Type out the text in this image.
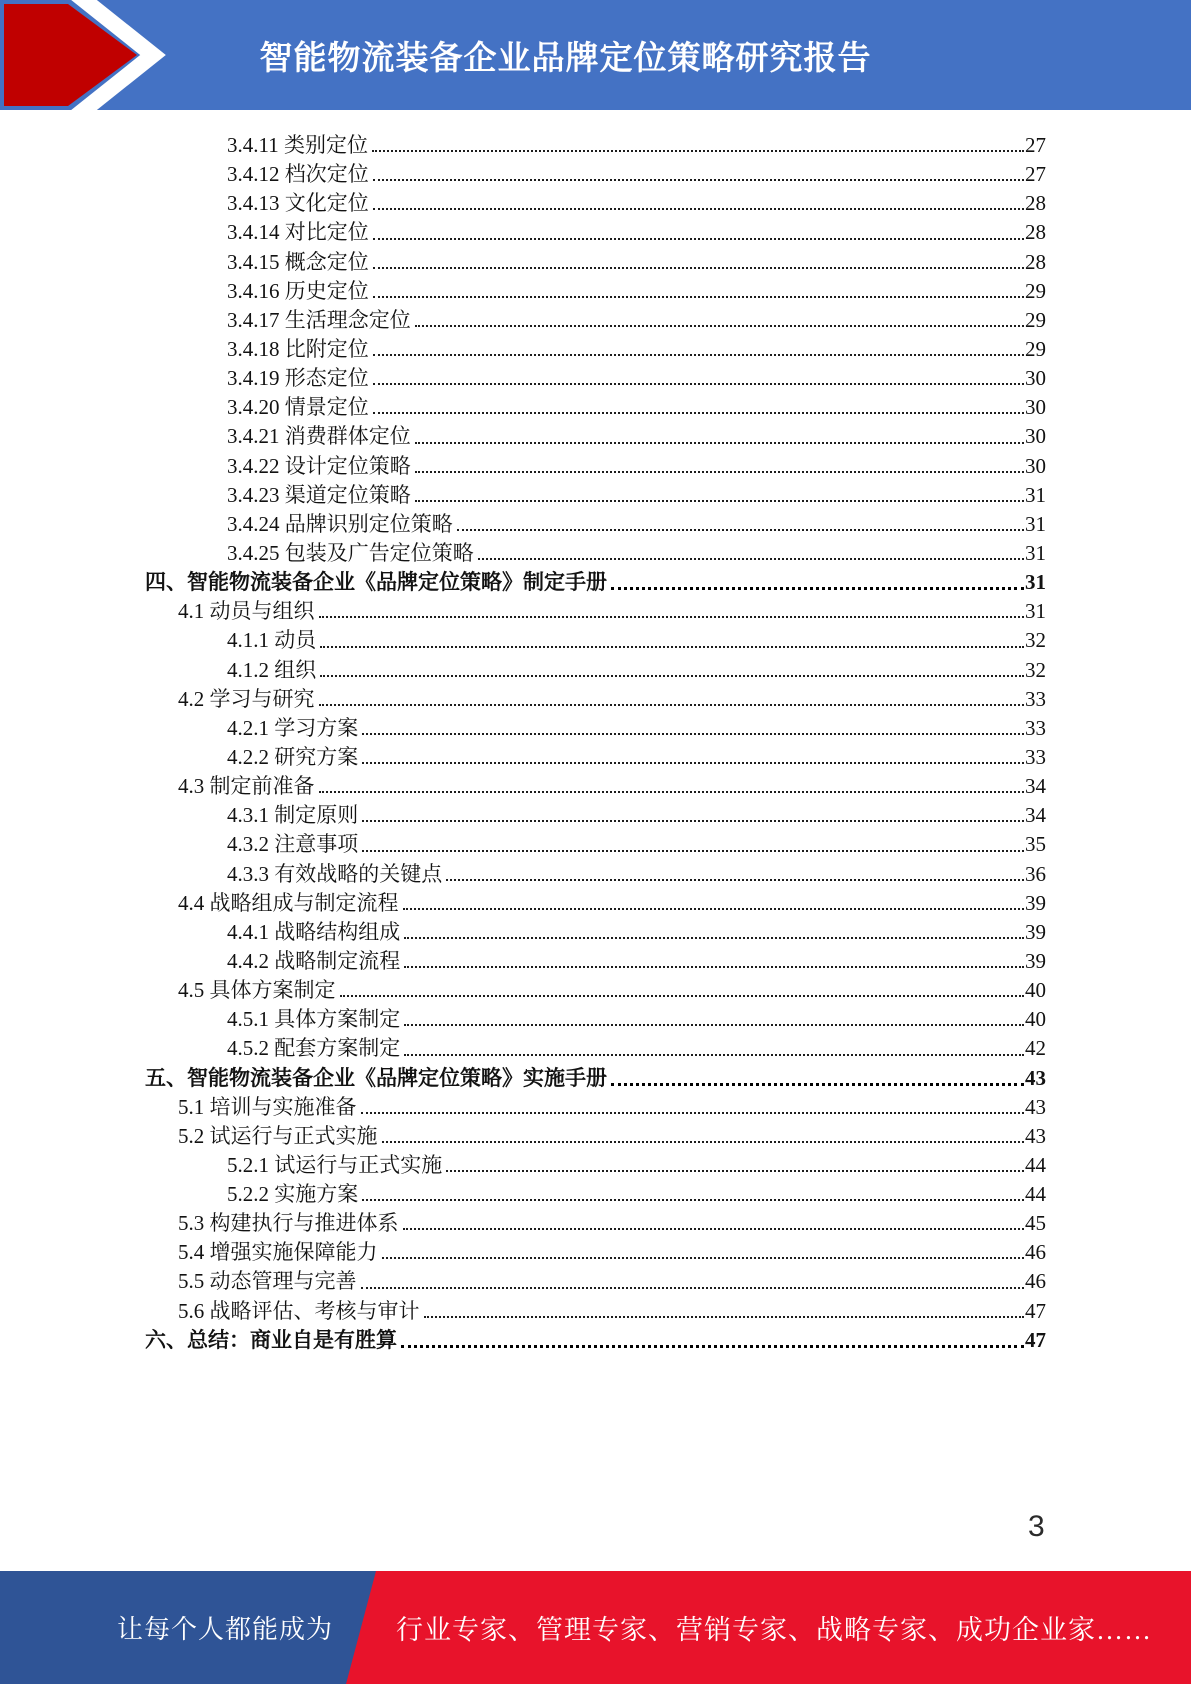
智能物流装备企业品牌定位策略研究报告
3.4.11 类别定位	27
3.4.12 档次定位	27
3.4.13 文化定位	28
3.4.14 对比定位	28
3.4.15 概念定位	28
3.4.16 历史定位	29
3.4.17 生活理念定位	29
3.4.18 比附定位	29
3.4.19 形态定位	30
3.4.20 情景定位	30
3.4.21 消费群体定位	30
3.4.22 设计定位策略	30
3.4.23 渠道定位策略	31
3.4.24 品牌识别定位策略	31
3.4.25 包装及广告定位策略	31
四、智能物流装备企业《品牌定位策略》制定手册	31
4.1 动员与组织	31
4.1.1 动员	32
4.1.2 组织	32
4.2 学习与研究	33
4.2.1 学习方案	33
4.2.2 研究方案	33
4.3 制定前准备	34
4.3.1 制定原则	34
4.3.2 注意事项	35
4.3.3 有效战略的关键点	36
4.4 战略组成与制定流程	39
4.4.1 战略结构组成	39
4.4.2 战略制定流程	39
4.5 具体方案制定	40
4.5.1 具体方案制定	40
4.5.2 配套方案制定	42
五、智能物流装备企业《品牌定位策略》实施手册	43
5.1 培训与实施准备	43
5.2 试运行与正式实施	43
5.2.1 试运行与正式实施	44
5.2.2 实施方案	44
5.3 构建执行与推进体系	45
5.4 增强实施保障能力	46
5.5 动态管理与完善	46
5.6 战略评估、考核与审计	47
六、总结：商业自是有胜算	47
3
让每个人都能成为 行业专家、管理专家、营销专家、战略专家、成功企业家……
